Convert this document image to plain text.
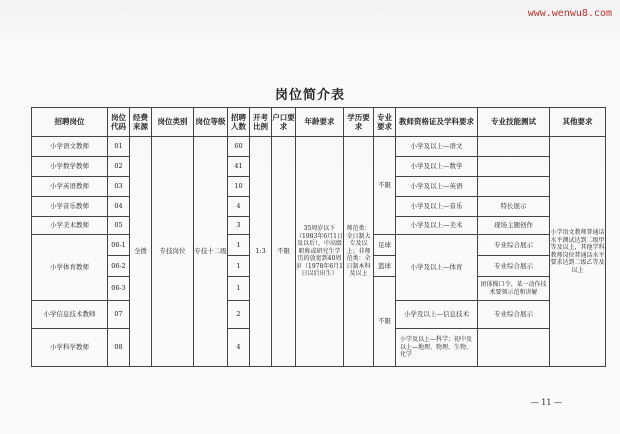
www.wenwu8.com
岗位简介表
招聘岗位	岗位代码	经费来源	岗位类别	岗位等级	招聘人数	开考比例	户口要求	年龄要求	学历要求	专业要求	教师资格证及学科要求	专业技能测试	其他要求
小学语文教师	01	全拨	专技岗位	专技十二级	60	1:3	不限	35周岁以下（1983年6月1日及以后），中高级职称或研究生学历的放宽到40周岁（1978年6月1日以后出生）	师范类：全日制大专及以上；非师范类：全日制本科及以上	不限	小学及以上—语文		小学语文教师普通话水平测试达到二级甲等及以上，其他学科教师岗位普通话水平要求达到二级乙等及以上
小学数学教师	02				41						小学及以上—数学		
小学英语教师	03				10						小学及以上—英语		
小学音乐教师	04				4						小学及以上—音乐	特长展示	
小学美术教师	05				3						小学及以上—美术	现场主题创作	
小学体育教师	06-1				1					足球	小学及以上—体育	专业综合展示	
	06-2				1					篮球		专业综合展示	
	06-3				1					不限		团体操口令、某一动作技术要领示范和讲解	
小学信息技术教师	07				2						小学及以上—信息技术	专业综合展示	
小学科学教师	08				4						小学及以上—科学；初中及以上—地理、物理、生物、化学		
— 11 —
